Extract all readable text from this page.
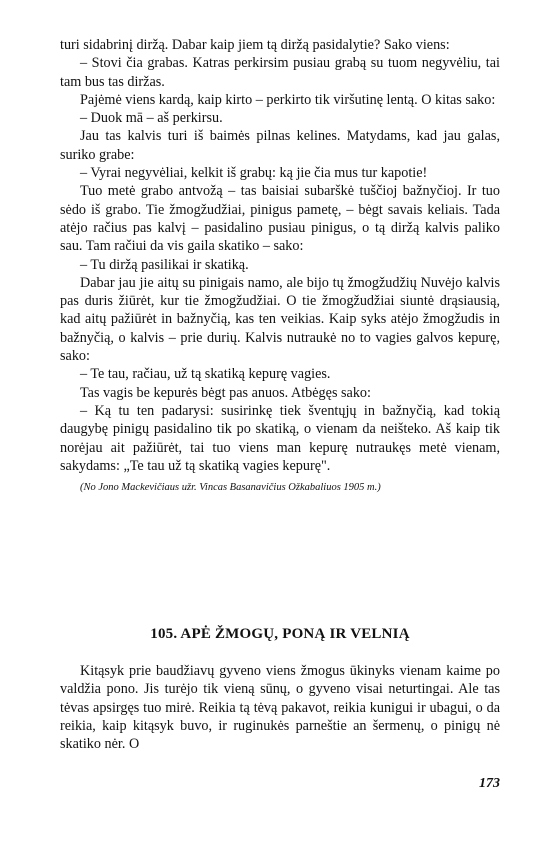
turi sidabrinį diržą. Dabar kaip jiem tą diržą pasidalytie? Sako viens:

– Stovi čia grabas. Katras perkirsim pusiau grabą su tuom negyvėliu, tai tam bus tas diržas.

Pajėmė viens kardą, kaip kirto – perkirto tik viršutinę lentą. O kitas sako:

– Duok mā – aš perkirsu.

Jau tas kalvis turi iš baimės pilnas kelines. Matydams, kad jau galas, suriko grabe:

– Vyrai negyvėliai, kelkit iš grabų: ką jie čia mus tur kapotie!

Tuo metė grabo antvožą – tas baisiai subarškė tuščioj bažnyčioj. Ir tuo sėdo iš grabo. Tie žmogžudžiai, pinigus pametę, – bėgt savais keliais. Tada atėjo račius pas kalvį – pasidalino pusiau pinigus, o tą diržą kalvis paliko sau. Tam račiui da vis gaila skatiko – sako:

– Tu diržą pasilikai ir skatiką.

Dabar jau jie aitų su pinigais namo, ale bijo tų žmogžudžių Nuvėjo kalvis pas duris žiūrėt, kur tie žmogžudžiai. O tie žmogžudžiai siuntė drąsiausią, kad aitų pažiūrėt in bažnyčią, kas ten veikias. Kaip syks atėjo žmogžudis in bažnyčią, o kalvis – prie durių. Kalvis nutraukė no to vagies galvos kepurę, sako:

– Te tau, račiau, už tą skatiką kepurę vagies.

Tas vagis be kepurės bėgt pas anuos. Atbėgęs sako:

– Ką tu ten padarysi: susirinkę tiek šventųjų in bažnyčią, kad tokią daugybę pinigų pasidalino tik po skatiką, o vienam da neišteko. Aš kaip tik norėjau ait pažiūrėt, tai tuo viens man kepurę nutraukęs metė vienam, sakydams: „Te tau už tą skatiką vagies kepurę".

(No Jono Mackevičiaus užr. Vincas Basanavičius Ožkabaliuos 1905 m.)

105. APĖ ŽMOGŲ, PONĄ IR VELNIĄ

Kitąsyk prie baudžiavų gyveno viens žmogus ūkinyks vienam kaime po valdžia pono. Jis turėjo tik vieną sūnų, o gyveno visai neturtingai. Ale tas tėvas apsirgęs tuo mirė. Reikia tą tėvą pakavot, reikia kunigui ir ubagui, o da reikia, kaip kitąsyk buvo, ir ruginukės parneštie an šermenų, o pinigų nė skatiko nėr. O

173
